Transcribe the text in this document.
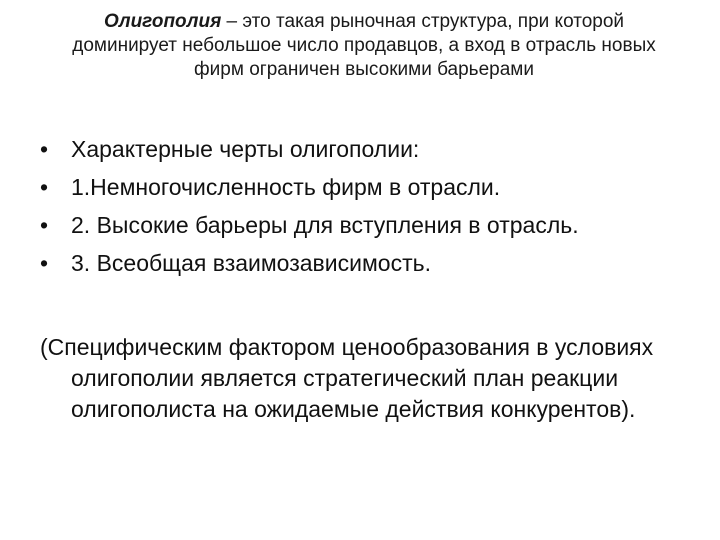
Олигополия – это такая рыночная структура, при которой доминирует небольшое число продавцов, а вход в отрасль новых фирм ограничен высокими барьерами
• Характерные черты олигополии:
• 1.Немногочисленность фирм в отрасли.
• 2. Высокие барьеры для вступления в отрасль.
• 3. Всеобщая взаимозависимость.

(Специфическим фактором ценообразования в условиях олигополии является стратегический план реакции олигополиста на ожидаемые действия конкурентов).
